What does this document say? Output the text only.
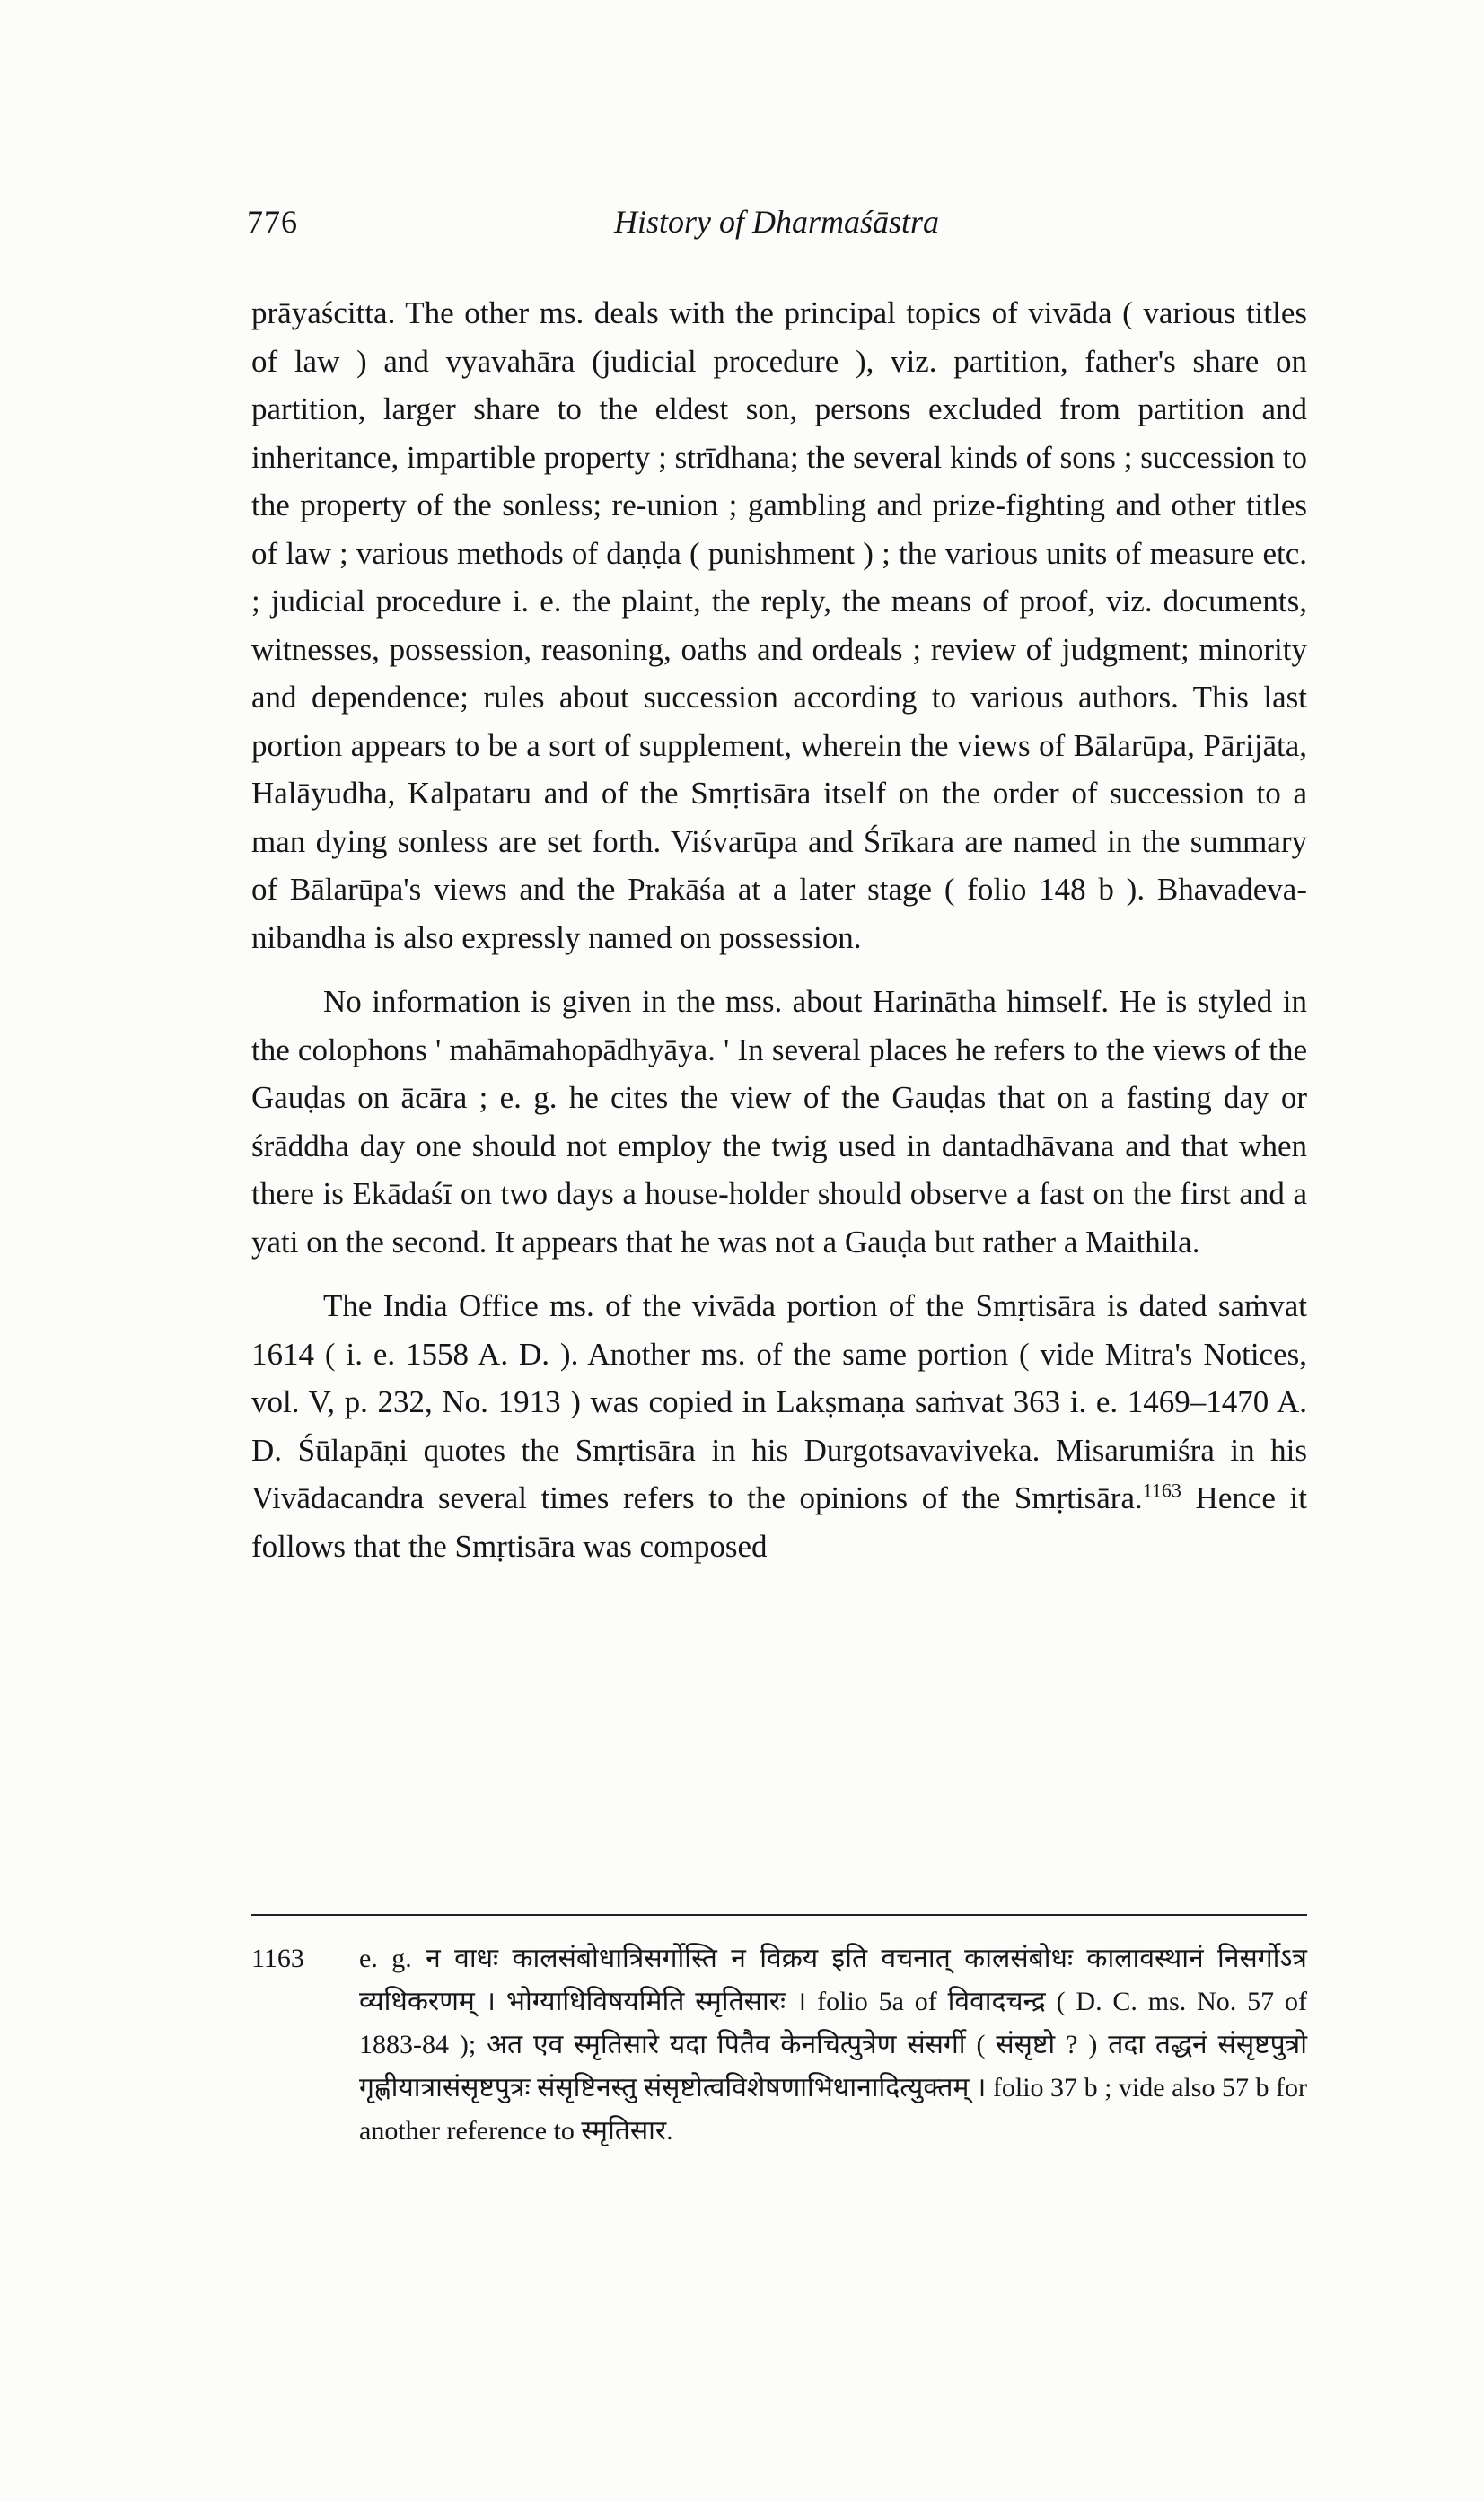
776	History of Dharmaśāstra

prāyaścitta. The other ms. deals with the principal topics of vivāda ( various titles of law ) and vyavahāra (judicial procedure ), viz. partition, father's share on partition, larger share to the eldest son, persons excluded from partition and inheritance, impartible property ; strīdhana; the several kinds of sons ; succession to the property of the sonless; re-union ; gambling and prize-fighting and other titles of law ; various methods of daṇḍa ( punishment ) ; the various units of measure etc. ; judicial procedure i. e. the plaint, the reply, the means of proof, viz. documents, witnesses, possession, reasoning, oaths and ordeals ; review of judgment; minority and dependence; rules about succession according to various authors. This last portion appears to be a sort of supplement, wherein the views of Bālarūpa, Pārijāta, Halāyudha, Kalpataru and of the Smṛtisāra itself on the order of succession to a man dying sonless are set forth. Viśvarūpa and Śrīkara are named in the summary of Bālarūpa's views and the Prakāśa at a later stage ( folio 148 b ). Bhavadeva-nibandha is also expressly named on possession.

No information is given in the mss. about Harinātha himself. He is styled in the colophons ' mahāmahopādhyāya. ' In several places he refers to the views of the Gauḍas on ācāra ; e. g. he cites the view of the Gauḍas that on a fasting day or śrāddha day one should not employ the twig used in dantadhāvana and that when there is Ekādaśī on two days a house-holder should observe a fast on the first and a yati on the second. It appears that he was not a Gauḍa but rather a Maithila.

The India Office ms. of the vivāda portion of the Smṛtisāra is dated saṁvat 1614 ( i. e. 1558 A. D. ). Another ms. of the same portion ( vide Mitra's Notices, vol. V, p. 232, No. 1913 ) was copied in Lakṣmaṇa saṁvat 363 i. e. 1469–1470 A. D. Śūlapāṇi quotes the Smṛtisāra in his Durgotsavaviveka. Misarumiśra in his Vivādacandra several times refers to the opinions of the Smṛtisāra.$^{1163}$ Hence it follows that the Smṛtisāra was composed

1163	e. g. न वाधः कालसंबोधात्रिसर्गोस्ति न विक्रय इति वचनात् कालसंबोधः कालावस्थानं निसर्गोऽत्र व्यधिकरणम् । भोग्याधिविषयमिति स्मृतिसारः । folio 5a of विवादचन्द्र ( D. C. ms. No. 57 of 1883-84 ); अत एव स्मृतिसारे यदा पितैव केनचित्पुत्रेण संसर्गी ( संसृष्टो ? ) तदा तद्धनं संसृष्टपुत्रो गृह्णीयात्रासंसृष्टपुत्रः संसृष्टिनस्तु संसृष्टोत्वविशेषणाभिधानादित्युक्तम् । folio 37 b ; vide also 57 b for another reference to स्मृतिसार.
